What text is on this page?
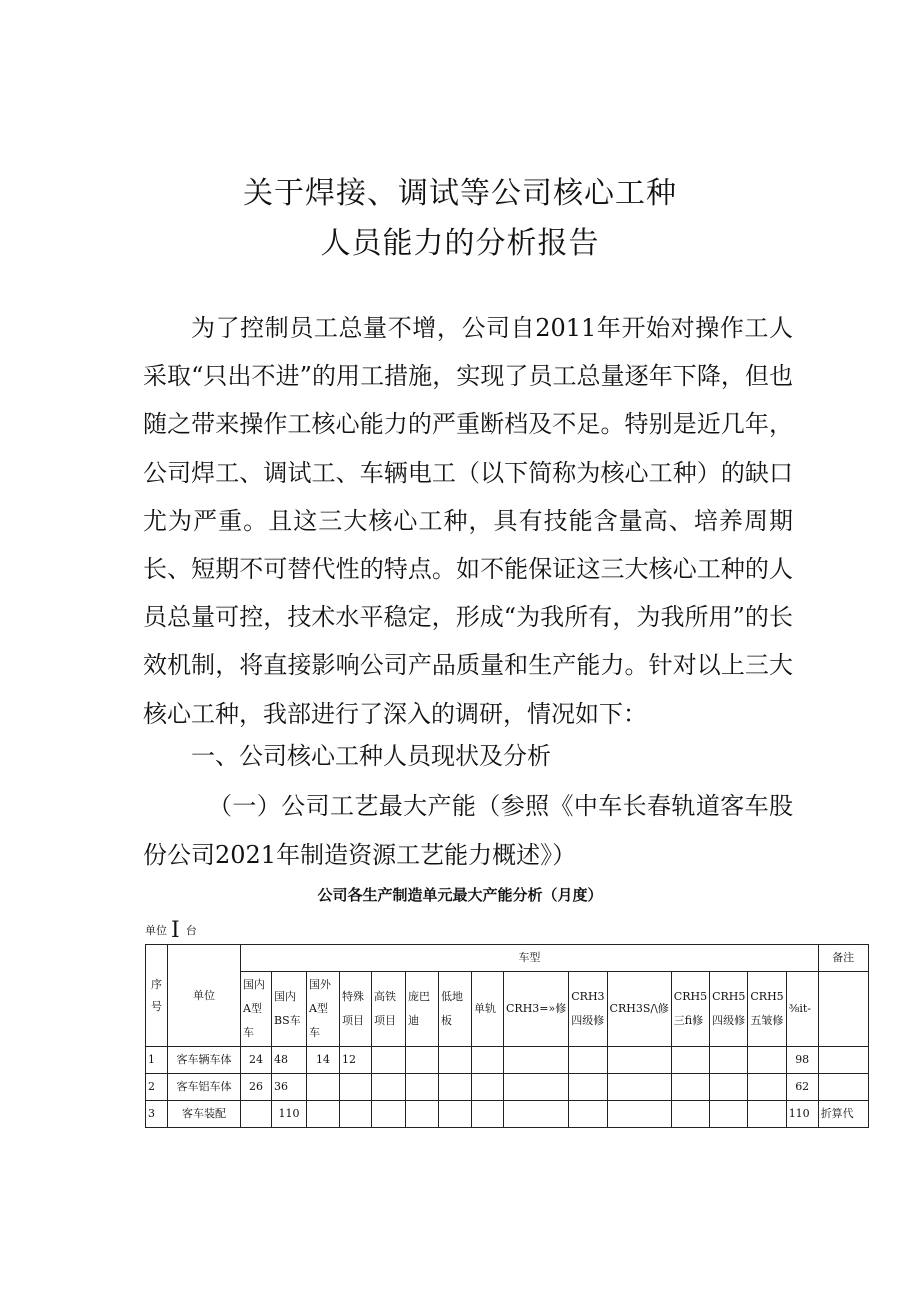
关于焊接、调试等公司核心工种
人员能力的分析报告

为了控制员工总量不增，公司自2011年开始对操作工人采取“只出不进”的用工措施，实现了员工总量逐年下降，但也随之带来操作工核心能力的严重断档及不足。特别是近几年，公司焊工、调试工、车辆电工（以下简称为核心工种）的缺口尤为严重。且这三大核心工种，具有技能含量高、培养周期长、短期不可替代性的特点。如不能保证这三大核心工种的人员总量可控，技术水平稳定，形成“为我所有，为我所用”的长效机制，将直接影响公司产品质量和生产能力。针对以上三大核心工种，我部进行了深入的调研，情况如下：

一、公司核心工种人员现状及分析

（一）公司工艺最大产能（参照《中车长春轨道客车股份公司2021年制造资源工艺能力概述》）

公司各生产制造单元最大产能分析（月度）
单位 I 台
序号	单位	车型															备注
		国内A型车	国内BS车	国外A型车	特殊项目	高铁项目	庞巴迪	低地板	单轨	CRH3=»修	CRH3四级修	CRH3S/\修	CRH5三fi修	CRH5四级修	CRH5五皱修	⅜it-	
1	客车辆车体	24	48	14	12											98	
2	客车铝车体	26	36													62	
3	客车装配		110													110	折算代
